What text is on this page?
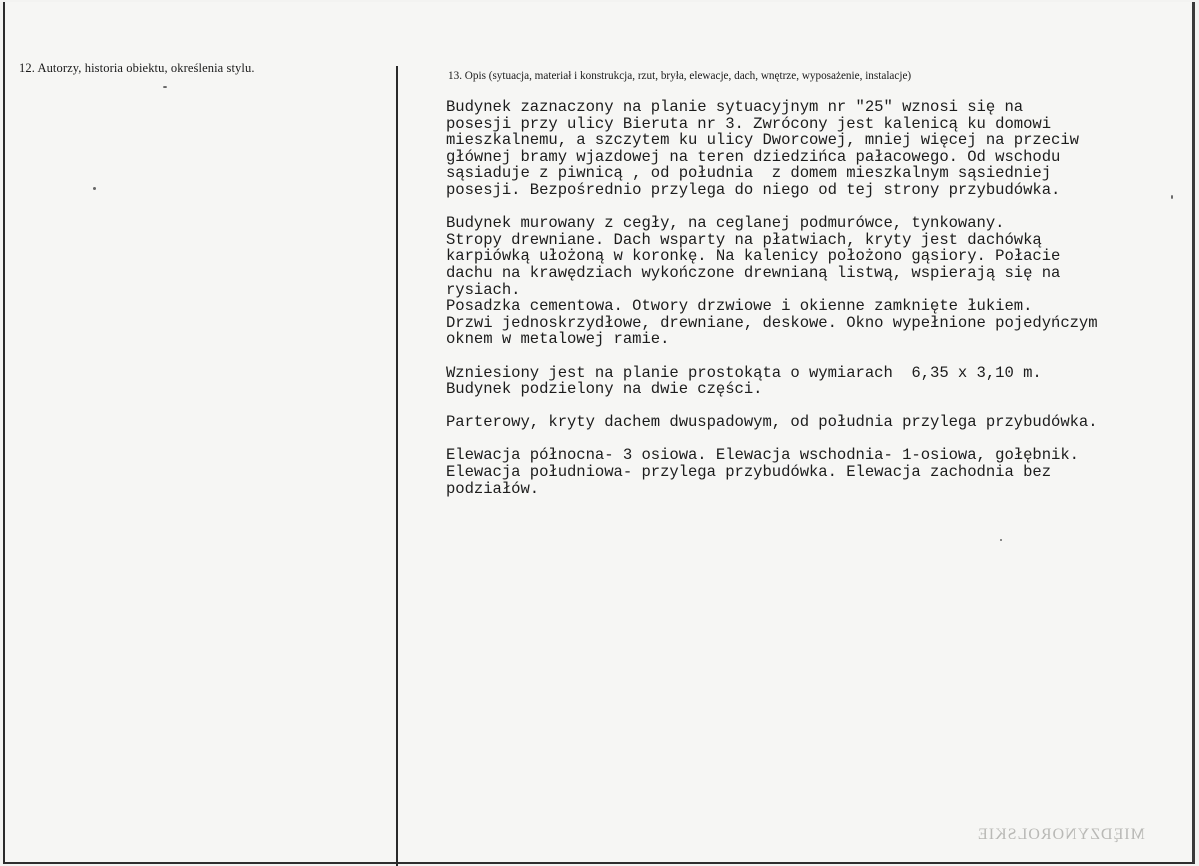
12. Autorzy, historia obiektu, określenia stylu.
13. Opis (sytuacja, materiał i konstrukcja, rzut, bryła, elewacje, dach, wnętrze, wyposażenie, instalacje)
Budynek zaznaczony na planie sytuacyjnym nr "25" wznosi się na
posesji przy ulicy Bieruta nr 3. Zwrócony jest kalenicą ku domowi
mieszkalnemu, a szczytem ku ulicy Dworcowej, mniej więcej na przeciw
głównej bramy wjazdowej na teren dziedzińca pałacowego. Od wschodu
sąsiaduje z piwnicą , od południa  z domem mieszkalnym sąsiedniej
posesji. Bezpośrednio przylega do niego od tej strony przybudówka.
Budynek murowany z cegły, na ceglanej podmurówce, tynkowany.
Stropy drewniane. Dach wsparty na płatwiach, kryty jest dachówką
karpiówką ułożoną w koronkę. Na kalenicy położono gąsiory. Połacie
dachu na krawędziach wykończone drewnianą listwą, wspierają się na
rysiach.
Posadzka cementowa. Otwory drzwiowe i okienne zamknięte łukiem.
Drzwi jednoskrzydłowe, drewniane, deskowe. Okno wypełnione pojedyńczym
oknem w metalowej ramie.
Wzniesiony jest na planie prostokąta o wymiarach  6,35 x 3,10 m.
Budynek podzielony na dwie części.
Parterowy, kryty dachem dwuspadowym, od południa przylega przybudówka.
Elewacja północna- 3 osiowa. Elewacja wschodnia- 1-osiowa, gołębnik.
Elewacja południowa- przylega przybudówka. Elewacja zachodnia bez
podziałów.
MIĘDZYNOROLSKIE
